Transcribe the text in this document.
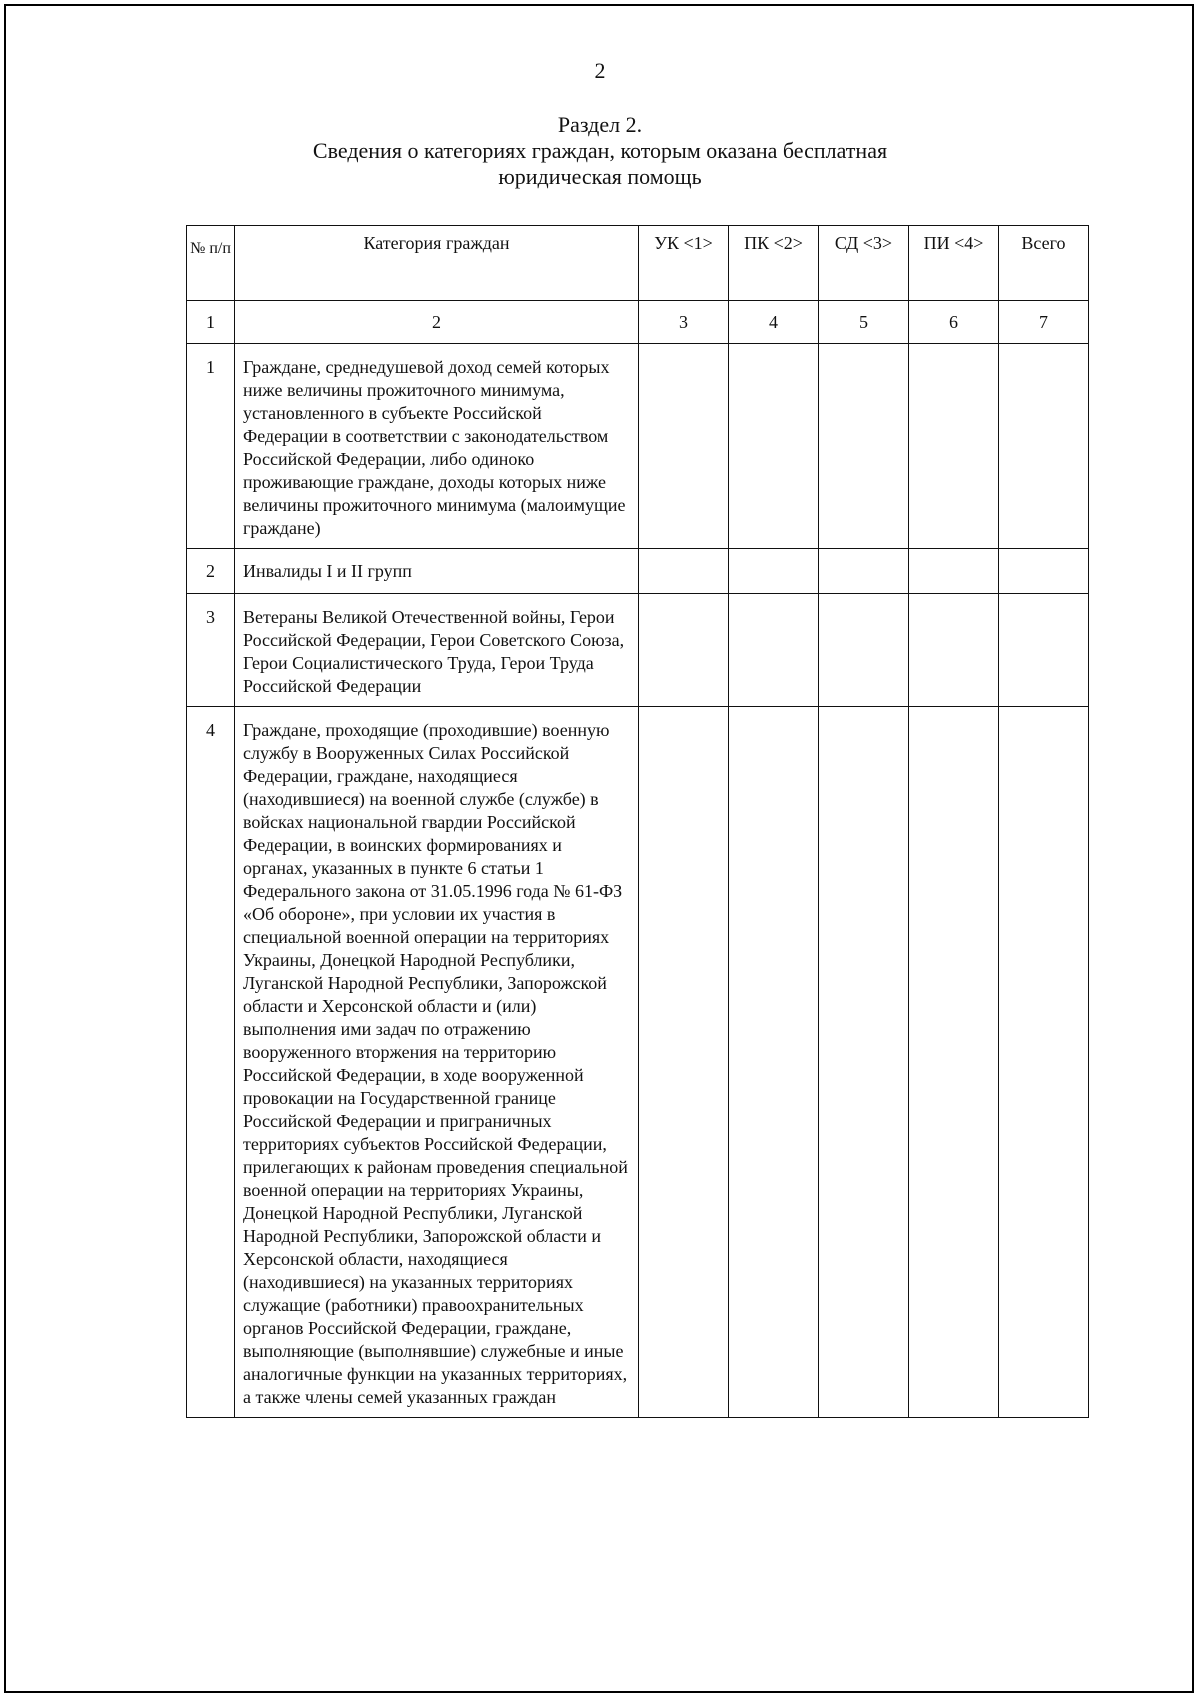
2
Раздел 2.
Сведения о категориях граждан, которым оказана бесплатная
юридическая помощь
№ п/п	Категория граждан	УК <1>	ПК <2>	СД <3>	ПИ <4>	Всего
1	2	3	4	5	6	7
1	Граждане, среднедушевой доход семей которых ниже величины прожиточного минимума, установленного в субъекте Российской Федерации в соответствии с законодательством Российской Федерации, либо одиноко проживающие граждане, доходы которых ниже величины прожиточного минимума (малоимущие граждане)					
2	Инвалиды I и II групп					
3	Ветераны Великой Отечественной войны, Герои Российской Федерации, Герои Советского Союза, Герои Социалистического Труда, Герои Труда Российской Федерации					
4	Граждане, проходящие (проходившие) военную службу в Вооруженных Силах Российской Федерации, граждане, находящиеся (находившиеся) на военной службе (службе) в войсках национальной гвардии Российской Федерации, в воинских формированиях и органах, указанных в пункте 6 статьи 1 Федерального закона от 31.05.1996 года № 61-ФЗ «Об обороне», при условии их участия в специальной военной операции на территориях Украины, Донецкой Народной Республики, Луганской Народной Республики, Запорожской области и Херсонской области и (или) выполнения ими задач по отражению вооруженного вторжения на территорию Российской Федерации, в ходе вооруженной провокации на Государственной границе Российской Федерации и приграничных территориях субъектов Российской Федерации, прилегающих к районам проведения специальной военной операции на территориях Украины, Донецкой Народной Республики, Луганской Народной Республики, Запорожской области и Херсонской области, находящиеся (находившиеся) на указанных территориях служащие (работники) правоохранительных органов Российской Федерации, граждане, выполняющие (выполнявшие) служебные и иные аналогичные функции на указанных территориях, а также члены семей указанных граждан					
